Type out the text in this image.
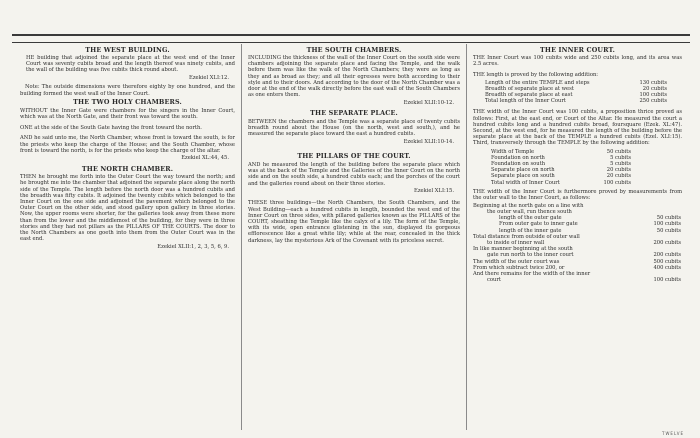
THE WEST BUILDING.

HE building that adjoined the separate place at the west end of the Inner Court was seventy cubits broad and the length thereof was ninety cubits, and the wall of the building was five cubits thick round about.

Ezekiel XLI:12.

Note: The outside dimensions were therefore eighty by one hundred, and the building formed the west wall of the Inner Court.

THE TWO HOLY CHAMBERS.

WITHOUT the Inner Gate were chambers for the singers in the Inner Court, which was at the North Gate, and their front was toward the south.

ONE at the side of the South Gate having the front toward the north.

AND he said unto me, the North Chamber, whose front is toward the south, is for the priests who keep the charge of the House; and the South Chamber, whose front is toward the north, is for the priests who keep the charge of the altar.

Ezekiel XL:44, 45.

THE NORTH CHAMBER.

THEN he brought me forth into the Outer Court the way toward the north; and he brought me into the chamber that adjoined the separate place along the north side of the Temple. The length before the north door was a hundred cubits and the breadth was fifty cubits. It adjoined the twenty cubits which belonged to the Inner Court on the one side and adjoined the pavement which belonged to the Outer Court on the other side, and stood gallery upon gallery in three stories. Now, the upper rooms were shorter, for the galleries took away from these more than from the lower and the middlemost of the building, for they were in three stories and they had not pillars as the PILLARS OF THE COURTS. The door to the North Chambers as one goeth into them from the Outer Court was in the east end.

Ezekiel XLII:1, 2, 3, 5, 6, 9.

THE SOUTH CHAMBERS.

INCLUDING the thickness of the wall of the Inner Court on the south side were chambers adjoining the separate place and facing the Temple, and the walk before them was like the walk of the North Chambers; they were as long as they and as broad as they; and all their egresses were both according to their style and to their doors. And according to the door of the North Chamber was a door at the end of the walk directly before the east wall of the South Chambers as one enters them.

Ezekiel XLII:10-12.

THE SEPARATE PLACE.

BETWEEN the chambers and the Temple was a separate place of twenty cubits breadth round about the House (on the north, west and south,), and he measured the separate place toward the east a hundred cubits.

Ezekiel XLII:10-14.

THE PILLARS OF THE COURT.

AND he measured the length of the building before the separate place which was at the back of the Temple and the Galleries of the Inner Court on the north side and on the south side, a hundred cubits each; and the porches of the court and the galleries round about on their three stories.

Ezekiel XLI:15.

THESE three buildings—the North Chambers, the South Chambers, and the West Building—each a hundred cubits in length, bounded the west end of the Inner Court on three sides, with pillared galleries known as the PILLARS of the COURT, sheathing the Temple like the calyx of a lily. The form of the Temple, with its wide, open entrance glistening in the sun, displayed its gorgeous efflorescence like a great white lily; while at the rear, concealed in the thick darkness, lay the mysterious Ark of the Covenant with its priceless secret.

THE INNER COURT.

THE Inner Court was 100 cubits wide and 250 cubits long, and its area was 2.5 acres.

THE length is proved by the following addition:

Length of the entire TEMPLE and steps	130 cubits
Breadth of separate place at west	20 cubits
Breadth of separate place at east	100 cubits
Total length of the Inner Court	250 cubits

THE width of the Inner Court was 100 cubits, a proposition thrice proved as follows: First, at the east end, or Court of the Altar. He measured the court a hundred cubits long and a hundred cubits broad, foursquare (Ezek. XL:47). Second, at the west end, for he measured the length of the building before the separate place at the back of the TEMPLE a hundred cubits (Ezel. XLI:15). Third, transversely through the TEMPLE by the following addition:

Width of Temple	50 cubits
Foundation on north	5 cubits
Foundation on south	5 cubits
Separate place on north	20 cubits
Separate place on south	20 cubits
Total width of Inner Court	100 cubits

THE width of the Inner Court is furthermore proved by measurements from the outer wall to the Inner Court, as follows:

Beginning at the north gate on a line with	
the outer wall, run thence south	
length of the outer gate	50 cubits
From outer gate to inner gate	100 cubits
length of the inner gate	50 cubits
Total distance from outside of outer wall	
to inside of inner wall	200 cubits
In like manner beginning at the south	
gate run north to the inner court	200 cubits
The width of the outer court was	500 cubits
From which subtract twice 200, or	400 cubits
And there remains for the width of the inner	
court	100 cubits
TWELVE
